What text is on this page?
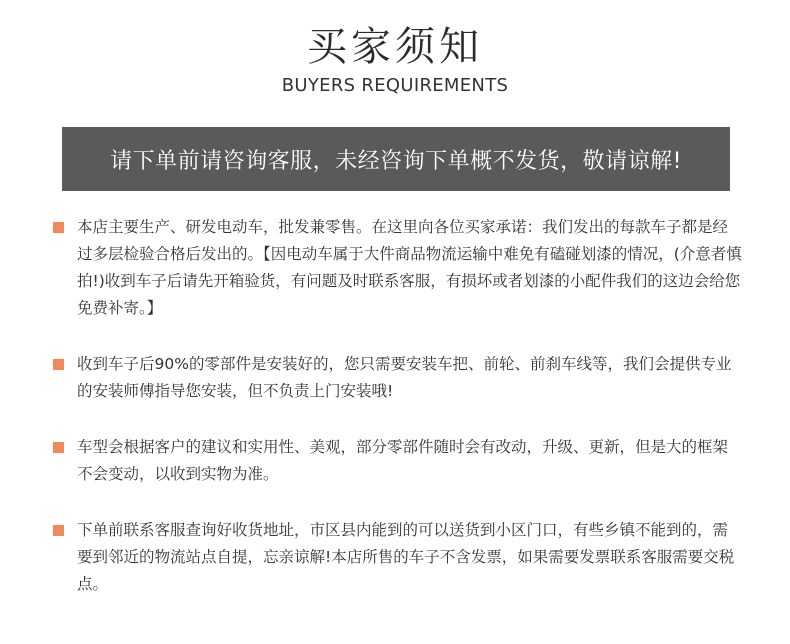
买家须知
BUYERS REQUIREMENTS
请下单前请咨询客服，未经咨询下单概不发货，敬请谅解!
本店主要生产、研发电动车，批发兼零售。在这里向各位买家承诺：我们发出的每款车子都是经过多层检验合格后发出的。【因电动车属于大件商品物流运输中难免有磕碰划漆的情况，(介意者慎拍!)收到车子后请先开箱验货，有问题及时联系客服，有损坏或者划漆的小配件我们的这边会给您免费补寄。】
收到车子后90%的零部件是安装好的，您只需要安装车把、前轮、前刹车线等，我们会提供专业的安装师傅指导您安装，但不负责上门安装哦!
车型会根据客户的建议和实用性、美观，部分零部件随时会有改动，升级、更新，但是大的框架不会变动，以收到实物为准。
下单前联系客服查询好收货地址，市区县内能到的可以送货到小区门口，有些乡镇不能到的，需要到邻近的物流站点自提，忘亲谅解!本店所售的车子不含发票，如果需要发票联系客服需要交税点。
